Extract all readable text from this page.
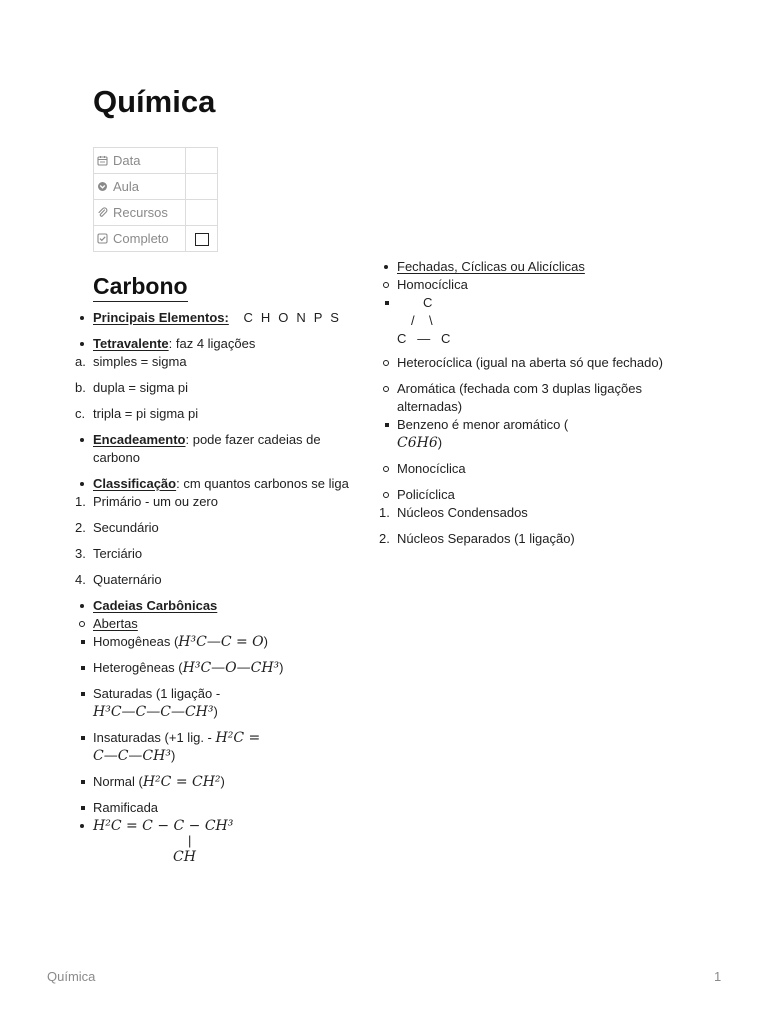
Química
Data	

Aula	

Recursos	

Completo	
Carbono
Principais Elementos: C H O N P S
Tetravalente: faz 4 ligações
a. simples = sigma
b. dupla = sigma pi
c. tripla = pi sigma pi
Encadeamento: pode fazer cadeias de carbono
Classificação: cm quantos carbonos se liga
1. Primário - um ou zero
2. Secundário
3. Terciário
4. Quaternário
Cadeias Carbônicas
Abertas
Homogêneas (H³C—C = O)
Heterogêneas (H³C—O—CH³)
Saturadas (1 ligação -
H³C—C—C—CH³)
Insaturadas (+1 lig. - H²C =
C—C—CH³)
Normal (H²C = CH²)
Ramificada
H²C = C − C − CH³
|
CH
Fechadas, Cíclicas ou Alicíclicas
Homocíclica
C
/    \
C   —   C
Heterocíclica (igual na aberta só que fechado)
Aromática (fechada com 3 duplas ligações alternadas)
Benzeno é menor aromático (
C6H6)
Monocíclica
Policíclica
1. Núcleos Condensados
2. Núcleos Separados (1 ligação)
Química	1
